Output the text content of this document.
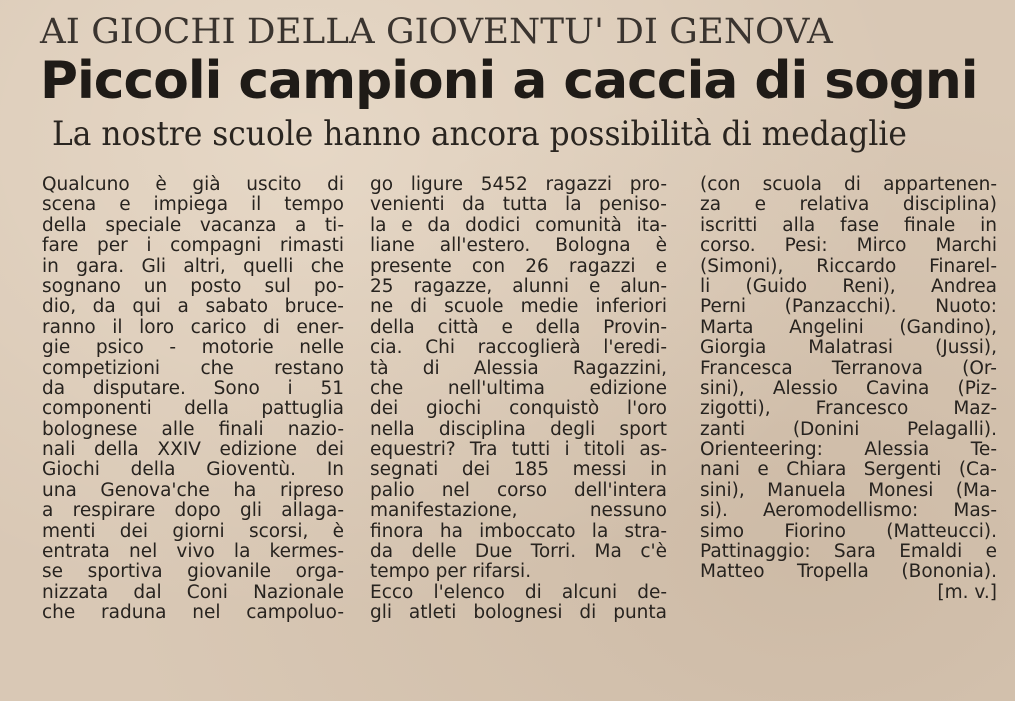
AI GIOCHI DELLA GIOVENTU' DI GENOVA
Piccoli campioni a caccia di sogni
La nostre scuole hanno ancora possibilità di medaglie
Qualcuno è già uscito di
scena e impiega il tempo
della speciale vacanza a ti-
fare per i compagni rimasti
in gara. Gli altri, quelli che
sognano un posto sul po-
dio, da qui a sabato bruce-
ranno il loro carico di ener-
gie psico - motorie nelle
competizioni che restano
da disputare. Sono i 51
componenti della pattuglia
bolognese alle finali nazio-
nali della XXIV edizione dei
Giochi della Gioventù. In
una Genova'che ha ripreso
a respirare dopo gli allaga-
menti dei giorni scorsi, è
entrata nel vivo la kermes-
se sportiva giovanile orga-
nizzata dal Coni Nazionale
che raduna nel campoluo-
go ligure 5452 ragazzi pro-
venienti da tutta la peniso-
la e da dodici comunità ita-
liane all'estero. Bologna è
presente con 26 ragazzi e
25 ragazze, alunni e alun-
ne di scuole medie inferiori
della città e della Provin-
cia. Chi raccoglierà l'eredi-
tà di Alessia Ragazzini,
che nell'ultima edizione
dei giochi conquistò l'oro
nella disciplina degli sport
equestri? Tra tutti i titoli as-
segnati dei 185 messi in
palio nel corso dell'intera
manifestazione, nessuno
finora ha imboccato la stra-
da delle Due Torri. Ma c'è
tempo per rifarsi.
Ecco l'elenco di alcuni de-
gli atleti bolognesi di punta
(con scuola di appartenen-
za e relativa disciplina)
iscritti alla fase finale in
corso. Pesi: Mirco Marchi
(Simoni), Riccardo Finarel-
li (Guido Reni), Andrea
Perni (Panzacchi). Nuoto:
Marta Angelini (Gandino),
Giorgia Malatrasi (Jussi),
Francesca Terranova (Or-
sini), Alessio Cavina (Piz-
zigotti), Francesco Maz-
zanti (Donini Pelagalli).
Orienteering: Alessia Te-
nani e Chiara Sergenti (Ca-
sini), Manuela Monesi (Ma-
si). Aeromodellismo: Mas-
simo Fiorino (Matteucci).
Pattinaggio: Sara Emaldi e
Matteo Tropella (Bononia).
[m. v.]
